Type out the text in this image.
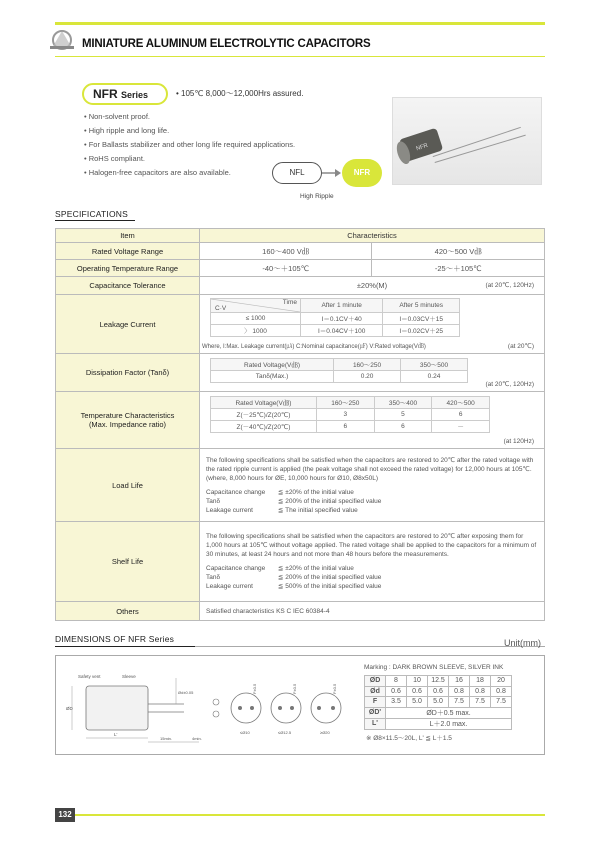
MINIATURE ALUMINUM ELECTROLYTIC CAPACITORS
NFR Series	• 105℃ 8,000～12,000Hrs assured.
• Non-solvent proof.
• High ripple and long life.
• For Ballasts stabilizer and other long life required applications.
• RoHS compliant.
• Halogen-free capacitors are also available.
NFR
NFL	NFR
High Ripple
SPECIFICATIONS
Item	Characteristics
Rated Voltage Range	160～400 V㏈	420～500 V㏈
Operating Temperature Range	-40～＋105℃	-25～＋105℃
Capacitance Tolerance	±20%(M)	(at 20℃, 120Hz)

Leakage Current	
Time
C·V	After 1 minute	After 5 minutes
≤ 1000	I＝0.1CV＋40	I＝0.03CV＋15
〉 1000	I＝0.04CV＋100	I＝0.02CV＋25
Where, I:Max. Leakage current(㎂) C:Nominal capacitance(㎌) V:Rated voltage(V㏈)	(at 20℃)

Dissipation Factor (Tanδ)	
Rated Voltage(V㏈)	160～250	350～500
Tanδ(Max.)	0.20	0.24
(at 20℃, 120Hz)

Temperature Characteristics
(Max. Impedance ratio)	
Rated Voltage(V㏈)	160～250	350～400	420～500
Z(－25℃)/Z(20℃)	3	5	6
Z(－40℃)/Z(20℃)	6	6	－
(at 120Hz)

Load Life	
The following specifications shall be satisfied when the capacitors are restored to 20℃ after the rated voltage with the rated ripple current is applied (the peak voltage shall not exceed the rated voltage) for 12,000 hours at 105℃. (where, 8,000 hours for ØE, 10,000 hours for Ø10, Ø8x50L)
Capacitance change ≦ ±20% of the initial value
Tanδ	≦ 200% of the initial specified value
Leakage current	≦ The initial specified value

Shelf Life	
The following specifications shall be satisfied when the capacitors are restored to 20℃ after exposing them for 1,000 hours at 105℃ without voltage applied. The rated voltage shall be applied to the capacitors for a minimum of 30 minutes, at least 24 hours and not more than 48 hours before the measurements.
Capacitance change ≦ ±20% of the initial value
Tanδ	≦ 200% of the initial specified value
Leakage current	≦ 500% of the initial specified value

Others	Satisfied characteristics KS C IEC 60384-4
DIMENSIONS OF NFR Series	Unit(mm)
Safety vent	Sleeve
ØD
Ød±0.05
L'
15min.	4min.
F±0.5	F±0.5	F±0.5
≤Ø10	≤Ø12.5	≥Ø20
Marking : DARK BROWN SLEEVE, SILVER INK
ØD	8	10	12.5	16	18	20
Ød	0.6	0.6	0.6	0.8	0.8	0.8
F	3.5	5.0	5.0	7.5	7.5	7.5
ØD'	ØD＋0.5 max.					
L'	L＋2.0 max.					
※ Ø8×11.5～20L, L' ≦ L＋1.5
132
